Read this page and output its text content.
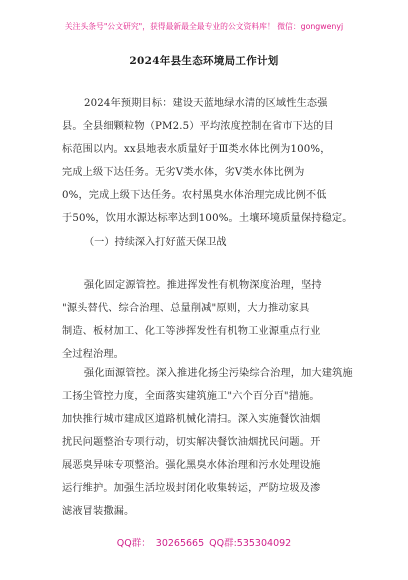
关注头条号"公文研究"，获得最新最全最专业的公文资料库！ 微信：gongwenyj
2024年县生态环境局工作计划
2024年预期目标：建设天蓝地绿水清的区域性生态强
县。全县细颗粒物（PM2.5）平均浓度控制在省市下达的目
标范围以内。xx县地表水质量好于Ⅲ类水体比例为100%，
完成上级下达任务。无劣Ⅴ类水体，劣Ⅴ类水体比例为
0%，完成上级下达任务。农村黑臭水体治理完成比例不低
于50%，饮用水源达标率达到100%。土壤环境质量保持稳定。
（一）持续深入打好蓝天保卫战
强化固定源管控。推进挥发性有机物深度治理，坚持
"源头替代、综合治理、总量削减"原则，大力推动家具
制造、板材加工、化工等涉挥发性有机物工业源重点行业
全过程治理。
强化面源管控。深入推进化扬尘污染综合治理，加大建筑施
工扬尘管控力度，全面落实建筑施工"六个百分百"措施。
加快推行城市建成区道路机械化清扫。深入实施餐饮油烟
扰民问题整治专项行动，切实解决餐饮油烟扰民问题。开
展恶臭异味专项整治。强化黑臭水体治理和污水处理设施
运行维护。加强生活垃圾封闭化收集转运，严防垃圾及渗
滤液冒装撒漏。
QQ群： 30265665 QQ群:535304092
